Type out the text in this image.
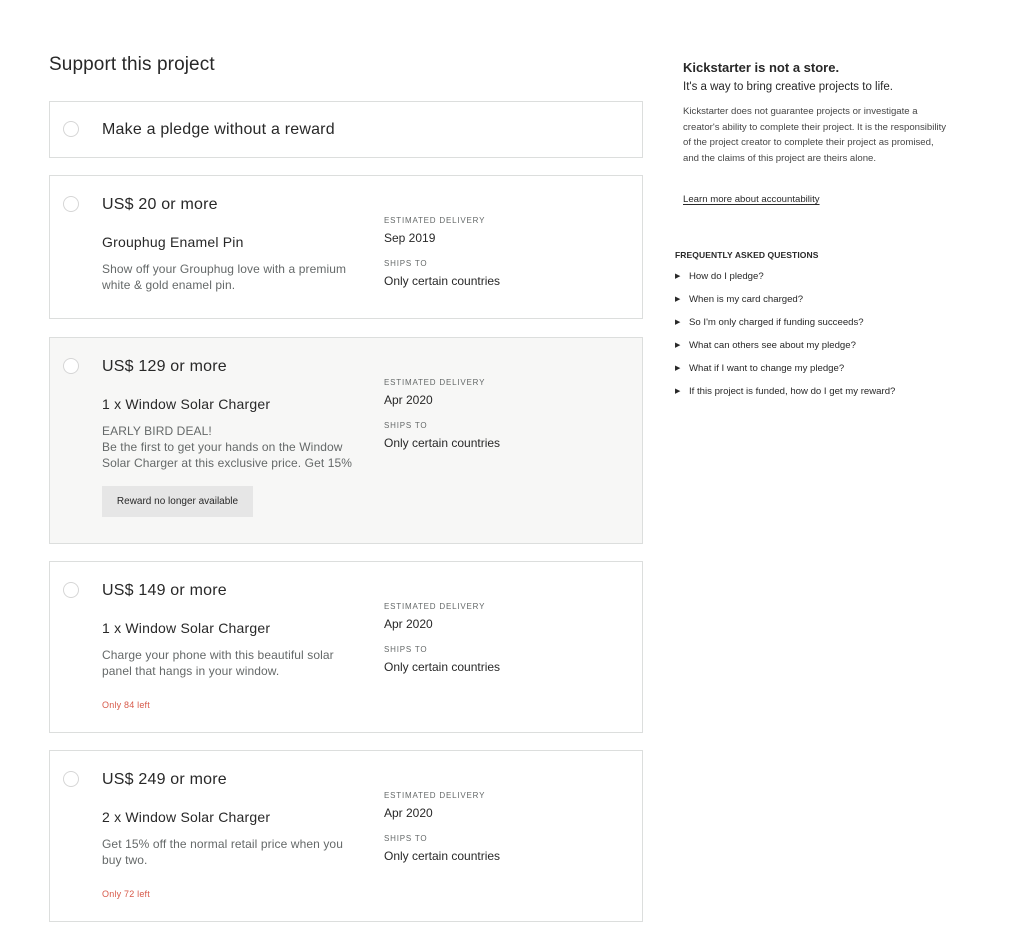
Support this project
Make a pledge without a reward
US$ 20 or more
Grouphug Enamel Pin

Show off your Grouphug love with a premium white & gold enamel pin.

ESTIMATED DELIVERY
Sep 2019
SHIPS TO
Only certain countries
US$ 129 or more
1 x Window Solar Charger

EARLY BIRD DEAL!
Be the first to get your hands on the Window Solar Charger at this exclusive price. Get 15%

ESTIMATED DELIVERY
Apr 2020
SHIPS TO
Only certain countries
Reward no longer available
US$ 149 or more
1 x Window Solar Charger

Charge your phone with this beautiful solar panel that hangs in your window.

ESTIMATED DELIVERY
Apr 2020
SHIPS TO
Only certain countries
Only 84 left
US$ 249 or more
2 x Window Solar Charger

Get 15% off the normal retail price when you buy two.

ESTIMATED DELIVERY
Apr 2020
SHIPS TO
Only certain countries
Only 72 left
Kickstarter is not a store.

It's a way to bring creative projects to life.

Kickstarter does not guarantee projects or investigate a creator's ability to complete their project. It is the responsibility of the project creator to complete their project as promised, and the claims of this project are theirs alone.

Learn more about accountability
FREQUENTLY ASKED QUESTIONS
▶ How do I pledge?
▶ When is my card charged?
▶ So I'm only charged if funding succeeds?
▶ What can others see about my pledge?
▶ What if I want to change my pledge?
▶ If this project is funded, how do I get my reward?
